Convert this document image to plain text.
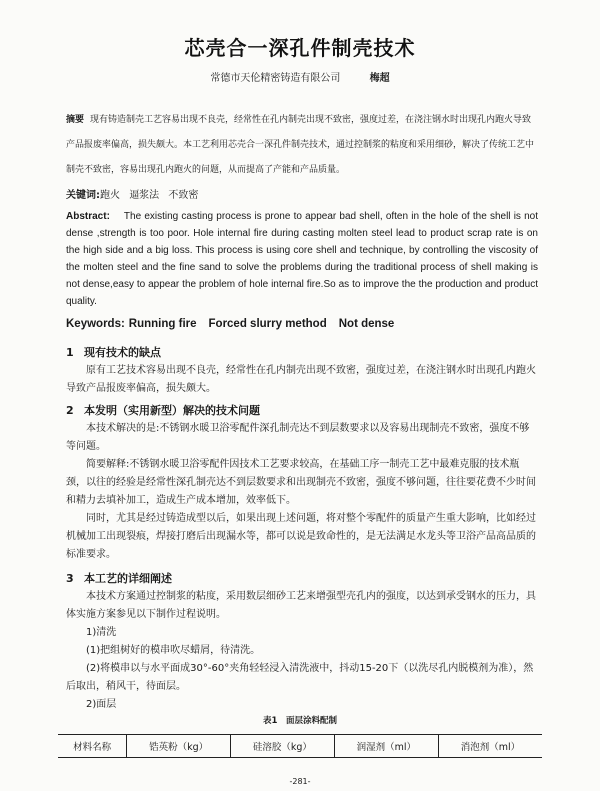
芯壳合一深孔件制壳技术
常德市天伦精密铸造有限公司	梅超
摘要 现有铸造制壳工艺容易出现不良壳，经常性在孔内制壳出现不致密，强度过差，在浇注钢水时出现孔内跑火导致产品报废率偏高，损失颇大。本工艺利用芯壳合一深孔件制壳技术，通过控制浆的粘度和采用细砂，解决了传统工艺中制壳不致密，容易出现孔内跑火的问题，从而提高了产能和产品质量。
关键词:跑火 逼浆法 不致密
Abstract: The existing casting process is prone to appear bad shell, often in the hole of the shell is not dense ,strength is too poor. Hole internal fire during casting molten steel lead to product scrap rate is on the high side and a big loss. This process is using core shell and technique, by controlling the viscosity of the molten steel and the fine sand to solve the problems during the traditional process of shell making is not dense,easy to appear the problem of hole internal fire.So as to improve the the production and product quality.
Keywords: Running fire Forced slurry method Not dense
1 现有技术的缺点
原有工艺技术容易出现不良壳，经常性在孔内制壳出现不致密，强度过差，在浇注钢水时出现孔内跑火导致产品报废率偏高，损失颇大。
2 本发明（实用新型）解决的技术问题
本技术解决的是:不锈钢水暖卫浴零配件深孔制壳达不到层数要求以及容易出现制壳不致密，强度不够等问题。
简要解释:不锈钢水暖卫浴零配件因技术工艺要求较高，在基础工序一制壳工艺中最难克服的技术瓶颈，以往的经验是经常性深孔制壳达不到层数要求和出现制壳不致密，强度不够问题，往往要花费不少时间和精力去填补加工，造成生产成本增加，效率低下。
同时，尤其是经过铸造成型以后，如果出现上述问题，将对整个零配件的质量产生重大影响，比如经过机械加工出现裂痕，焊接打磨后出现漏水等，都可以说是致命性的，是无法满足水龙头等卫浴产品高品质的标准要求。
3 本工艺的详细阐述
本技术方案通过控制浆的粘度，采用数层细砂工艺来增强型壳孔内的强度，以达到承受钢水的压力，具体实施方案参见以下制作过程说明。
1)清洗
(1)把组树好的模串吹尽蜡屑，待清洗。
(2)将模串以与水平面成30°-60°夹角轻轻浸入清洗液中，抖动15-20下（以洗尽孔内脱模剂为准），然后取出，稍风干，待面层。
2)面层
表1　面层涂料配制
材料名称	锆英粉（kg）	硅溶胶（kg）	润湿剂（ml）	消泡剂（ml）
-281-
